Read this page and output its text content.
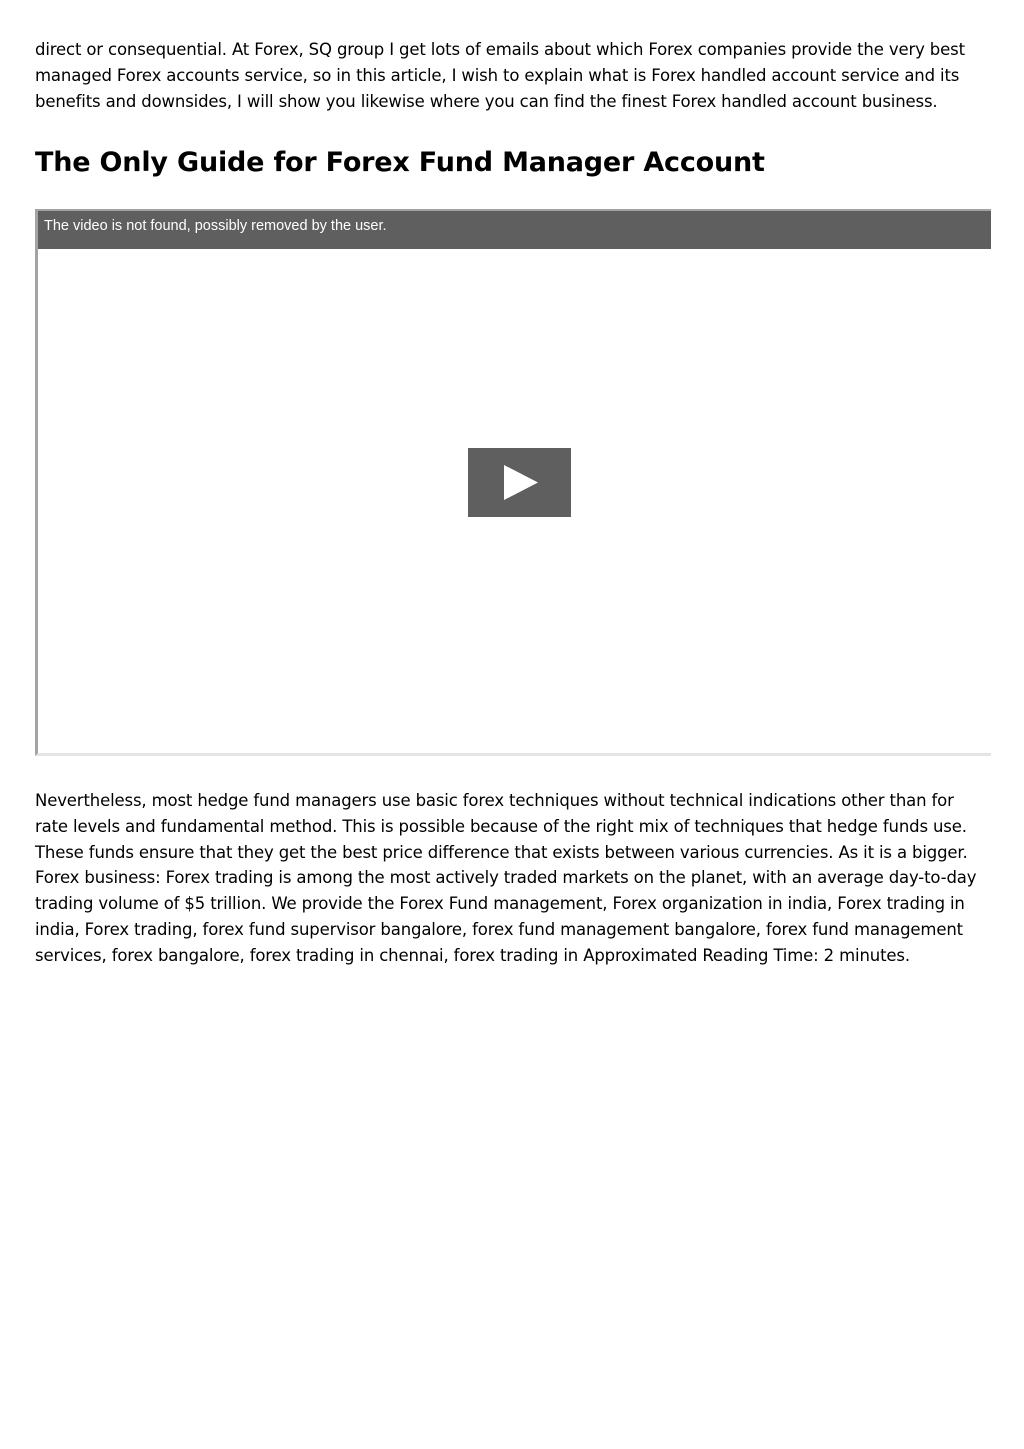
direct or consequential. At Forex, SQ group I get lots of emails about which Forex companies provide the very best managed Forex accounts service, so in this article, I wish to explain what is Forex handled account service and its benefits and downsides, I will show you likewise where you can find the finest Forex handled account business.

The Only Guide for Forex Fund Manager Account
The video is not found, possibly removed by the user.

Nevertheless, most hedge fund managers use basic forex techniques without technical indications other than for rate levels and fundamental method. This is possible because of the right mix of techniques that hedge funds use. These funds ensure that they get the best price difference that exists between various currencies. As it is a bigger. Forex business: Forex trading is among the most actively traded markets on the planet, with an average day-to-day trading volume of $5 trillion. We provide the Forex Fund management, Forex organization in india, Forex trading in india, Forex trading, forex fund supervisor bangalore, forex fund management bangalore, forex fund management services, forex bangalore, forex trading in chennai, forex trading in Approximated Reading Time: 2 minutes.
